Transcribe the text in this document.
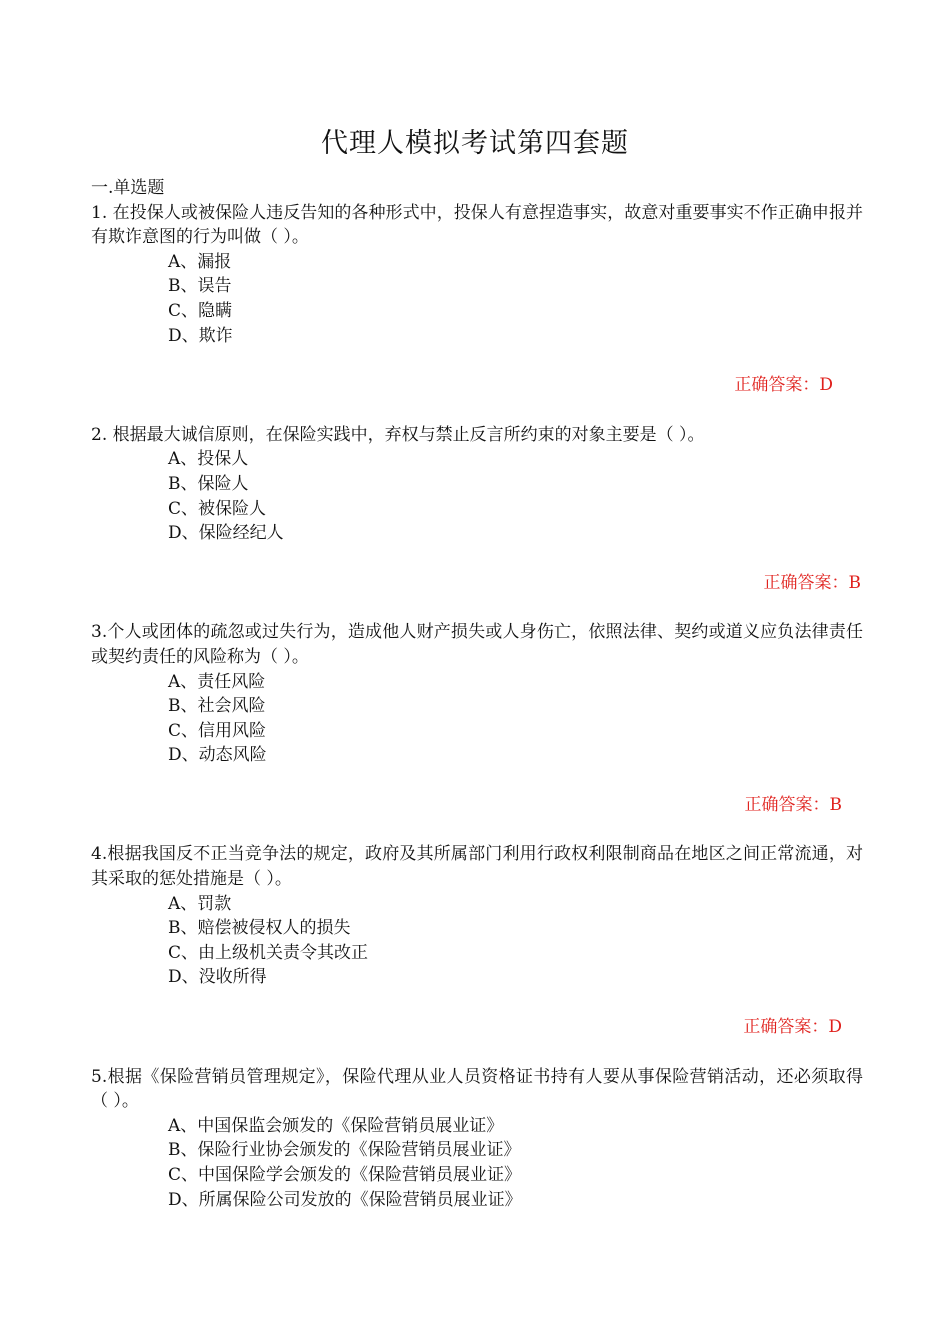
代理人模拟考试第四套题

一.单选题

1. 在投保人或被保险人违反告知的各种形式中，投保人有意捏造事实，故意对重要事实不作正确申报并有欺诈意图的行为叫做（ ）。

A、漏报
B、误告
C、隐瞒
D、欺诈

正确答案：D

2. 根据最大诚信原则，在保险实践中，弃权与禁止反言所约束的对象主要是（ ）。

A、投保人
B、保险人
C、被保险人
D、保险经纪人

正确答案：B

3.个人或团体的疏忽或过失行为，造成他人财产损失或人身伤亡，依照法律、契约或道义应负法律责任或契约责任的风险称为（ ）。

A、责任风险
B、社会风险
C、信用风险
D、动态风险

正确答案：B

4.根据我国反不正当竞争法的规定，政府及其所属部门利用行政权利限制商品在地区之间正常流通，对其采取的惩处措施是（ ）。

A、罚款
B、赔偿被侵权人的损失
C、由上级机关责令其改正
D、没收所得

正确答案：D

5.根据《保险营销员管理规定》，保险代理从业人员资格证书持有人要从事保险营销活动，还必须取得（ ）。

A、中国保监会颁发的《保险营销员展业证》
B、保险行业协会颁发的《保险营销员展业证》
C、中国保险学会颁发的《保险营销员展业证》
D、所属保险公司发放的《保险营销员展业证》
